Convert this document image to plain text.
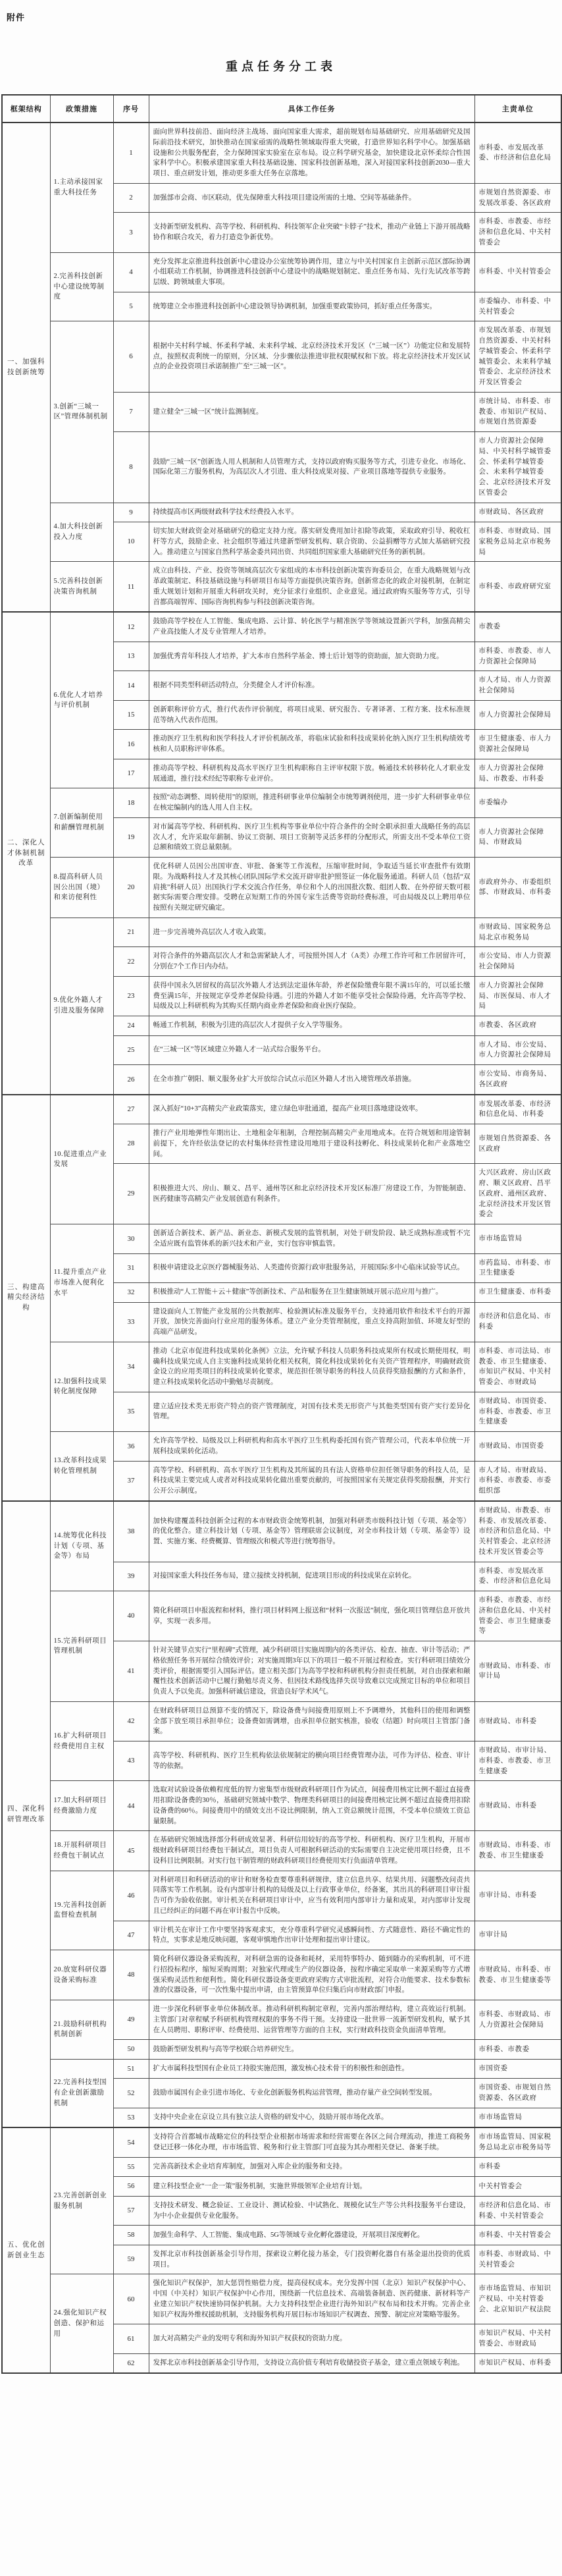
附件
重点任务分工表
框架结构	政策措施	序号	具体工作任务	主责单位
一、加强科技创新统筹	1.主动承接国家重大科技任务	1	面向世界科技前沿、面向经济主战场、面向国家重大需求，超前规划布局基础研究、应用基础研究及国际前沿技术研究，加快推动在国家亟需的战略性领域取得重大突破，打造世界知名科学中心。加强基础设施和公共服务配套，全力保障国家实验室在京布局。设立科学研究基金，加快建设北京怀柔综合性国家科学中心。积极承建国家重大科技基础设施、国家科技创新基地，深入对接国家科技创新2030—重大项目、重点研发计划，推动更多重大任务在京落地。	市科委、市发展改革委、市经济和信息化局
		2	加强部市会商、市区联动，优先保障重大科技项目建设所需的土地、空间等基础条件。	市规划自然资源委、市发展改革委、各区政府
		3	支持新型研发机构、高等学校、科研机构、科技领军企业突破“卡脖子”技术，推动产业链上下游开展战略协作和联合攻关，着力打造竞争新优势。	市科委、市教委、市经济和信息化局、中关村管委会
	2.完善科技创新中心建设统筹制度	4	充分发挥北京推进科技创新中心建设办公室统筹协调作用，建立与中关村国家自主创新示范区部际协调小组联动工作机制，协调推进科技创新中心建设中的战略规划制定、重点任务布局、先行先试改革等跨层级、跨领域重大事项。	市科委、中关村管委会
		5	统筹建立全市推进科技创新中心建设领导协调机制，加强重要政策协同，抓好重点任务落实。	市委编办、市科委、中关村管委会
	3.创新“三城一区”管理体制机制	6	根据中关村科学城、怀柔科学城、未来科学城、北京经济技术开发区（“三城一区”）功能定位和发展特点，按照权责利统一的原则，分区域、分步骤依法推进审批权限赋权和下放。将北京经济技术开发区试点的企业投资项目承诺制推广至“三城一区”。	市发展改革委、市规划自然资源委、中关村科学城管委会、怀柔科学城管委会、未来科学城管委会、北京经济技术开发区管委会
		7	建立健全“三城一区”统计监测制度。	市统计局、市科委、市教委、市知识产权局、市规划自然资源委
		8	鼓励“三城一区”创新选人用人机制和人员管理方式，支持以政府购买服务等方式，引进专业化、市场化、国际化第三方服务机构，为高层次人才引进、重大科技成果对接、产业项目落地等提供专业服务。	市人力资源社会保障局、中关村科学城管委会、怀柔科学城管委会、未来科学城管委会、北京经济技术开发区管委会
	4.加大科技创新投入力度	9	持续提高市区两级财政科学技术经费投入水平。	市财政局、各区政府
		10	切实加大财政资金对基础研究的稳定支持力度。落实研发费用加计扣除等政策，采取政府引导、税收杠杆等方式，鼓励企业、社会组织等通过共建新型研发机构、联合资助、公益捐赠等方式加大基础研究投入。推动建立与国家自然科学基金委共同出资、共同组织国家重大基础研究任务的新机制。	市科委、市财政局、国家税务总局北京市税务局
	5.完善科技创新决策咨询机制	11	成立由科技、产业、投资等领域高层次专家组成的本市科技创新决策咨询委员会，在重大战略规划与改革政策制定、科技基础设施与科研项目布局等方面提供决策咨询。创新常态化的政企对接机制，在制定重大规划计划和开展重大科研攻关时，充分征求行业组织、企业意见。通过政府购买服务等方式，引导首都高端智库、国际咨询机构参与科技创新决策咨询。	市科委、市政府研究室
二、深化人才体制机制改革	6.优化人才培养与评价机制	12	鼓励高等学校在人工智能、集成电路、云计算、转化医学与精准医学等领域设置新兴学科，加强高精尖产业高技能人才及专业管理人才培养。	市教委
		13	加强优秀青年科技人才培养，扩大本市自然科学基金、博士后计划等的资助面，加大资助力度。	市科委、市教委、市人力资源社会保障局
		14	根据不同类型科研活动特点，分类健全人才评价标准。	市人才局、市人力资源社会保障局
		15	创新职称评价方式，推行代表作评价制度，将项目成果、研究报告、专著译著、工程方案、技术标准规范等纳入代表作范围。	市人力资源社会保障局
		16	推动医疗卫生机构和医学科技人才评价机制改革，将临床试验和科技成果转化纳入医疗卫生机构绩效考核和人员职称评审体系。	市卫生健康委、市人力资源社会保障局
		17	推动高等学校、科研机构及高水平医疗卫生机构职称自主评审权限下放。畅通技术转移转化人才职业发展通道，推行技术经纪等职称专业评价。	市人力资源社会保障局、市教委、市科委
	7.创新编制使用和薪酬管理机制	18	按照“动态调整、周转使用”的原则，推进科研事业单位编制全市统筹调剂使用，进一步扩大科研事业单位在核定编制内的选人用人自主权。	市委编办
		19	对市属高等学校、科研机构、医疗卫生机构等事业单位中符合条件的全时全职承担重大战略任务的高层次人才，允许采取年薪制、协议工资制、项目工资制等灵活多样的分配形式，所需支出不受本单位工资总额和绩效工资总量限制。	市人力资源社会保障局、市财政局
	8.提高科研人员因公出国（境）和来访便利性	20	优化科研人员因公出国审查、审批、备案等工作流程，压缩审批时间，争取适当延长审查批件有效期限。为战略科技人才及其核心团队国际学术交流开辟审批护照签证一体化服务通道。科研人员（包括“双肩挑”科研人员）出国执行学术交流合作任务，单位和个人的出国批次数、组团人数、在外停留天数可根据实际需要合理安排。受聘在京短期工作的外国专家生活费等资助经费标准，可由局级及以上聘用单位按照有关规定研究确定。	市政府外办、市委组织部、市财政局、市科委
	9.优化外籍人才引进及服务保障	21	进一步完善境外高层次人才收入政策。	市财政局、国家税务总局北京市税务局
		22	对符合条件的外籍高层次人才和急需紧缺人才，可按照外国人才（A类）办理工作许可和工作居留许可，分别在7个工作日内办结。	市公安局、市人力资源社会保障局
		23	获得中国永久居留权的高层次外籍人才达到法定退休年龄，养老保险缴费年限不满15年的，可以延长缴费至满15年，并按规定享受养老保险待遇。引进的外籍人才如不能享受社会保险待遇，允许高等学校、局级及以上科研机构为其购买任期内商业养老保险和商业医疗保险。	市人力资源社会保障局、市医保局、市人才局
		24	畅通工作机制，积极为引进的高层次人才提供子女入学等服务。	市教委、各区政府
		25	在“三城一区”等区域建立外籍人才一站式综合服务平台。	市人才局、市公安局、市人力资源社会保障局
		26	在全市推广朝阳、顺义服务业扩大开放综合试点示范区外籍人才出入境管理改革措施。	市公安局、市商务局、各区政府
三、构建高精尖经济结构	10.促进重点产业发展	27	深入抓好“10+3”高精尖产业政策落实，建立绿色审批通道，提高产业项目落地建设效率。	市发展改革委、市经济和信息化局、市科委
		28	推行产业用地弹性年期出让、土地租金年租制，合理控制高精尖产业用地成本。在符合规划和用途管制前提下，允许经依法登记的农村集体经营性建设用地用于建设科技孵化、科技成果转化和产业落地空间。	市规划自然资源委、各区政府
		29	积极推进大兴、房山、顺义、昌平、通州等区和北京经济技术开发区标准厂房建设工作，为智能制造、医药健康等高精尖产业发展创造有利条件。	大兴区政府、房山区政府、顺义区政府、昌平区政府、通州区政府、北京经济技术开发区管委会
	11.提升重点产业市场准入便利化水平	30	创新适合新技术、新产品、新业态、新模式发展的监管机制，对处于研发阶段、缺乏成熟标准或暂不完全适应既有监管体系的新兴技术和产业，实行包容审慎监管。	市市场监管局
		31	积极申请建设北京医疗器械服务站、人类遗传资源行政审批服务站，开展国际多中心临床试验等试点。	市药监局、市科委、市卫生健康委
		32	积极推动“人工智能＋云＋健康”等创新技术、产品和服务在卫生健康领域开展示范应用与推广。	市卫生健康委、市科委
		33	建设面向人工智能产业发展的公共数据库、检验测试标准及服务平台，支持通用软件和技术平台的开源开放，加快完善面向行业应用的服务体系。建立产业分类管理制度，重点支持高附加值、环境友好型的高端产品研发。	市经济和信息化局、市科委
	12.加强科技成果转化制度保障	34	推动《北京市促进科技成果转化条例》立法，允许赋予科技人员职务科技成果所有权或长期使用权，明确科技成果完成人自主实施科技成果转化相关权利，简化科技成果转化有关资产管理程序，明确财政资金设立的应用类项目的科技成果转化要求，规范担任领导职务的科技人员获得奖励报酬的方式和条件，建立科技成果转化活动中勤勉尽责制度。	市科委、市司法局、市教委、市卫生健康委、市知识产权局、中关村管委会、市财政局
		35	建立适应技术类无形资产特点的资产管理制度，对国有技术类无形资产与其他类型国有资产实行差异化管理。	市财政局、市国资委、市科委、市教委、市卫生健康委
	13.改革科技成果转化管理机制	36	允许高等学校、局级及以上科研机构和高水平医疗卫生机构委托国有资产管理公司，代表本单位统一开展科技成果转化活动。	市财政局、市国资委
		37	高等学校、科研机构、高水平医疗卫生机构及其所属的具有法人资格单位担任领导职务的科技人员，是科技成果主要完成人或者对科技成果转化做出重要贡献的，可按照国家有关规定获得奖励报酬，并实行公开公示制度。	市人才局、市财政局、市科委、市教委、市委组织部
四、深化科研管理改革	14.统筹优化科技计划（专项、基金等）布局	38	加快构建覆盖科技创新全过程的本市财政资金统筹机制，加强对科研类市级科技计划（专项、基金等）的优化整合。建立科技计划（专项、基金等）管理联席会议制度，对全市科技计划（专项、基金等）设置、实施方案、经费概算、管理级次和模式等进行统筹指导。	市财政局、市教委、市科委、市发展改革委、市经济和信息化局、中关村管委会、北京经济技术开发区管委会等
		39	对接国家重大科技任务布局，建立接续支持机制，促进项目形成的科技成果在京转化。	市科委、市发展改革委、市经济和信息化局
	15.完善科研项目管理机制	40	简化科研项目申报流程和材料，推行项目材料网上报送和“材料一次报送”制度，强化项目管理信息开放共享，实现一表多用。	市科委、市教委、市经济和信息化局、中关村管委会、市卫生健康委等
		41	针对关键节点实行“里程碑”式管理，减少科研项目实施周期内的各类评估、检查、抽查、审计等活动；严格依照任务书开展综合绩效评价；对实施周期3年以下的项目一般不开展过程检查。实行科研项目绩效分类评价，根据需要引入国际评估。建立相关部门为高等学校和科研机构分担责任机制，对自由探索和颠覆性技术创新活动中已履行勤勉尽责义务、但因技术路线选择失误导致难以完成预定目标的单位和项目负责人予以免责。加强科研诚信建设，营造良好学术风气。	市财政局、市科委、市审计局
	16.扩大科研项目经费使用自主权	42	在财政科研项目总预算不变的情况下，除设备费与间接费用原则上不予调增外，其他科目的使用和调整全部下放至项目承担单位；设备费如需调增，由承担单位据实核准，验收（结题）时向项目主管部门备案。	市财政局、市科委
		43	高等学校、科研机构、医疗卫生机构依法依规制定的横向项目经费管理办法，可作为评估、检查、审计等的依据。	市财政局、市审计局、市科委、市教委、市卫生健康委
	17.加大科研项目经费激励力度	44	选取对试验设备依赖程度低的智力密集型市级财政科研项目作为试点，间接费用核定比例不超过直接费用扣除设备费的30％，基础研究领域中数学、物理类科研项目的间接费用核定比例不超过直接费用扣除设备费的60％。间接费用中的绩效支出不设比例限制，纳入工资总额统计范围，不受本单位绩效工资总量限制。	市财政局、市科委
	18.开展科研项目经费包干制试点	45	在基础研究领域选择部分科研成效显著、科研信用较好的高等学校、科研机构、医疗卫生机构，开展市级财政科研项目经费包干制试点，项目负责人可根据科研活动的实际需要自主决定使用项目经费，且不设科目比例限制。对实行包干制管理的财政科研项目经费使用实行负面清单管理。	市财政局、市科委、市教委、市卫生健康委
	19.完善科技创新监督检查机制	46	对科研项目和科研活动的审计和财务检查要尊重科研规律，建立信息共享、结果共用、问题整改问责共同落实等工作机制。设有内部审计机构的局级及以上行政事业单位，经备案，其出具的科研项目审计报告可作为验收依据。审计机关在科研项目审计中，应当有效利用内部审计力量和成果，对内部审计发现且已经纠正的问题不再在审计报告中反映。	市审计局、市科委
		47	审计机关在审计工作中要坚持客观求实，充分尊重科学研究灵感瞬间性、方式随意性、路径不确定性的特点，实事求是地反映问题，客观审慎地作出审计处理和提出审计建议。	市审计局
	20.放宽科研仪器设备采购标准	48	简化科研仪器设备采购流程，对科研急需的设备和耗材，采用特事特办、随到随办的采购机制，可不进行招投标程序，缩短采购周期；对独家代理或生产的仪器设备，按程序确定采取单一来源采购等方式增强采购灵活性和便利性。简化科研仪器设备变更政府采购方式审批流程，对符合功能要求、技术参数标准的仪器设备，可一次性集中提出申请，由主管预算单位归集后向市财政部门申报。	市财政局、市科委、市教委、市卫生健康委等
	21.鼓励科研机构机制创新	49	进一步深化科研事业单位体制改革。推动科研机构制定章程，完善内部治理结构，建立高效运行机制。主管部门对章程赋予科研机构管理权限的事务不得干预。支持建设一批世界一流新型研发机构，赋予其在人员聘用、职称评审、经费使用、运营管理等方面的自主权，实行财政科技资金负面清单管理。	市科委、市财政局、市人力资源社会保障局
		50	鼓励新型研发机构与高等学校联合培养研究生。	市科委、市教委
	22.完善科技型国有企业创新激励机制	51	扩大市属科技型国有企业员工持股实施范围，激发核心技术骨干的积极性和创造性。	市国资委
		52	鼓励市属国有企业引进市场化、专业化创新服务机构运营管理，推动存量产业空间转型发展。	市国资委、市规划自然资源委、各区政府
		53	支持中央企业在京设立具有独立法人资格的研发中心，鼓励开展市场化改革。	市市场监管局
五、优化创新创业生态	23.完善创新创业服务机制	54	支持符合首都城市战略定位的科技型企业根据市场需求和经营需要在各区之间合理流动，推进工商税务登记迁移一体化办理，市市场监管、税务和行业主管部门可直接为其办理相关登记、备案手续。	市市场监管局、国家税务总局北京市税务局等
		55	完善高新技术企业培育库制度，加强对入库企业的服务和支持。	市科委
		56	建立科技型企业“一企一策”服务机制，实施世界级领军企业培育计划。	中关村管委会
		57	支持技术研发、概念验证、工业设计、测试检验、中试熟化、规模化试生产等公共科技服务平台建设，为中小企业提供专业化服务。	市经济和信息化局、市科委、中关村管委会
		58	加强生命科学、人工智能、集成电路、5G等领域专业化孵化器建设，开展项目深度孵化。	市科委、中关村管委会
		59	发挥北京市科技创新基金引导作用，探索设立孵化接力基金，专门投资孵化器自有基金退出投资的优质项目。	市科委、市财政局、中关村管委会
	24.强化知识产权创造、保护和运用	60	强化知识产权保护，加大惩罚性赔偿力度，提高侵权成本。充分发挥中国（北京）知识产权保护中心、中国（中关村）知识产权保护中心作用，围绕新一代信息技术、高端装备制造、医药健康、新材料等产业建立知识产权快速协同保护机制。大力支持科技型企业进行海外知识产权布局和技术并购。完善企业知识产权海外维权援助机制，支持服务机构开展目标市场知识产权调查、预警、制定应对策略等服务。	市市场监管局、市知识产权局、中关村管委会、北京知识产权法院
		61	加大对高精尖产业的发明专利和海外知识产权获权的资助力度。	市知识产权局、中关村管委会、市财政局
		62	发挥北京市科技创新基金引导作用，支持设立高价值专利培育收储投资子基金，建立重点领域专利池。	市知识产权局、市科委
